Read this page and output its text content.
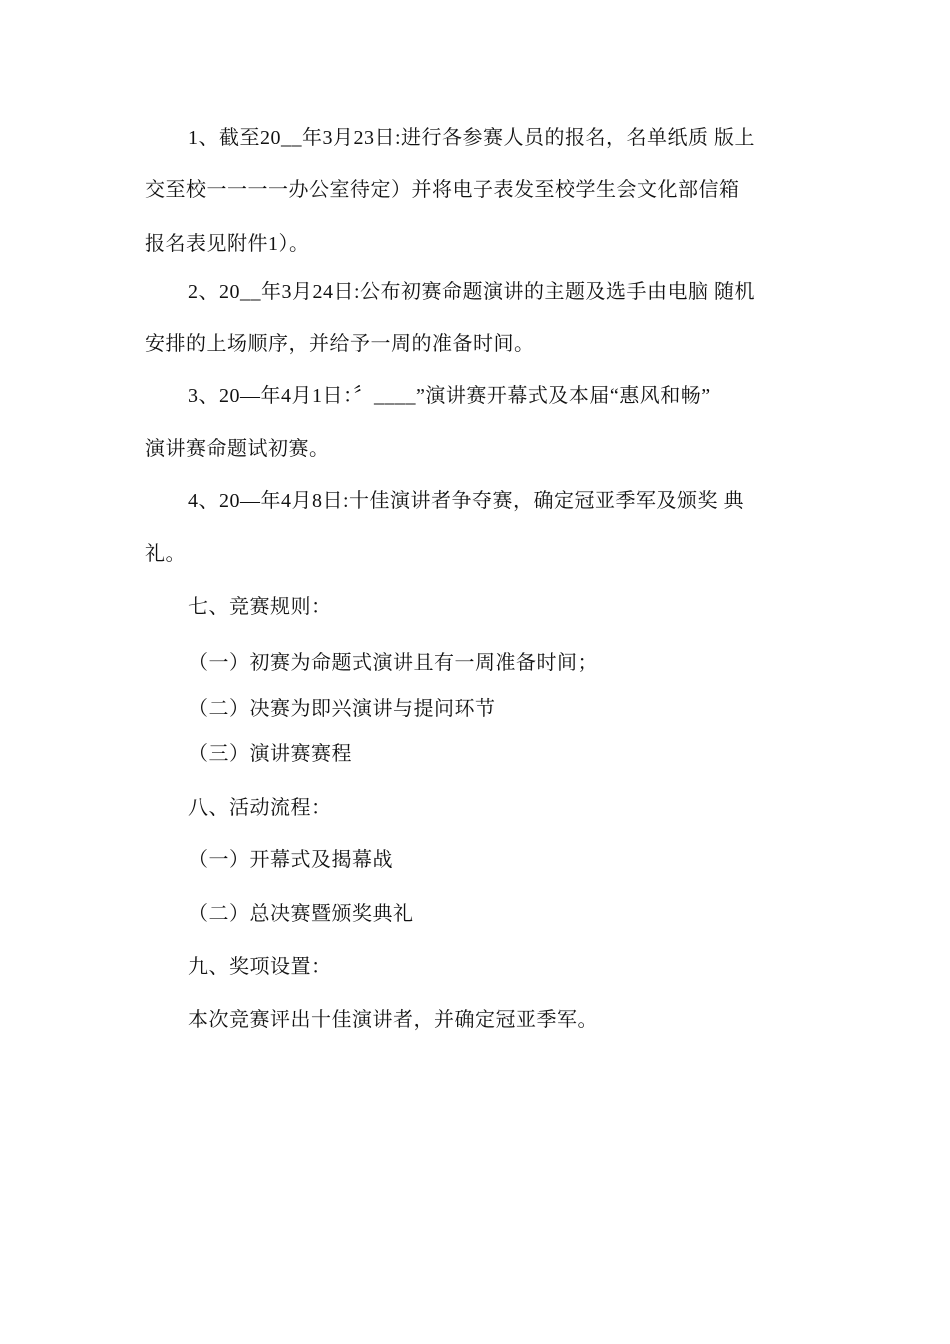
1、截至20__年3月23日:进行各参赛人员的报名，名单纸质 版上
交至校一一一一办公室待定）并将电子表发至校学生会文化部信箱
报名表见附件1）。
2、20__年3月24日:公布初赛命题演讲的主题及选手由电脑 随机
安排的上场顺序，并给予一周的准备时间。
3、20—年4月1日：〞____”演讲赛开幕式及本届“惠风和畅”
演讲赛命题试初赛。
4、20—年4月8日:十佳演讲者争夺赛，确定冠亚季军及颁奖 典
礼。
七、竞赛规则：
（一）初赛为命题式演讲且有一周准备时间；
（二）决赛为即兴演讲与提问环节
（三）演讲赛赛程
八、活动流程：
（一）开幕式及揭幕战
（二）总决赛暨颁奖典礼
九、奖项设置：
本次竞赛评出十佳演讲者，并确定冠亚季军。
